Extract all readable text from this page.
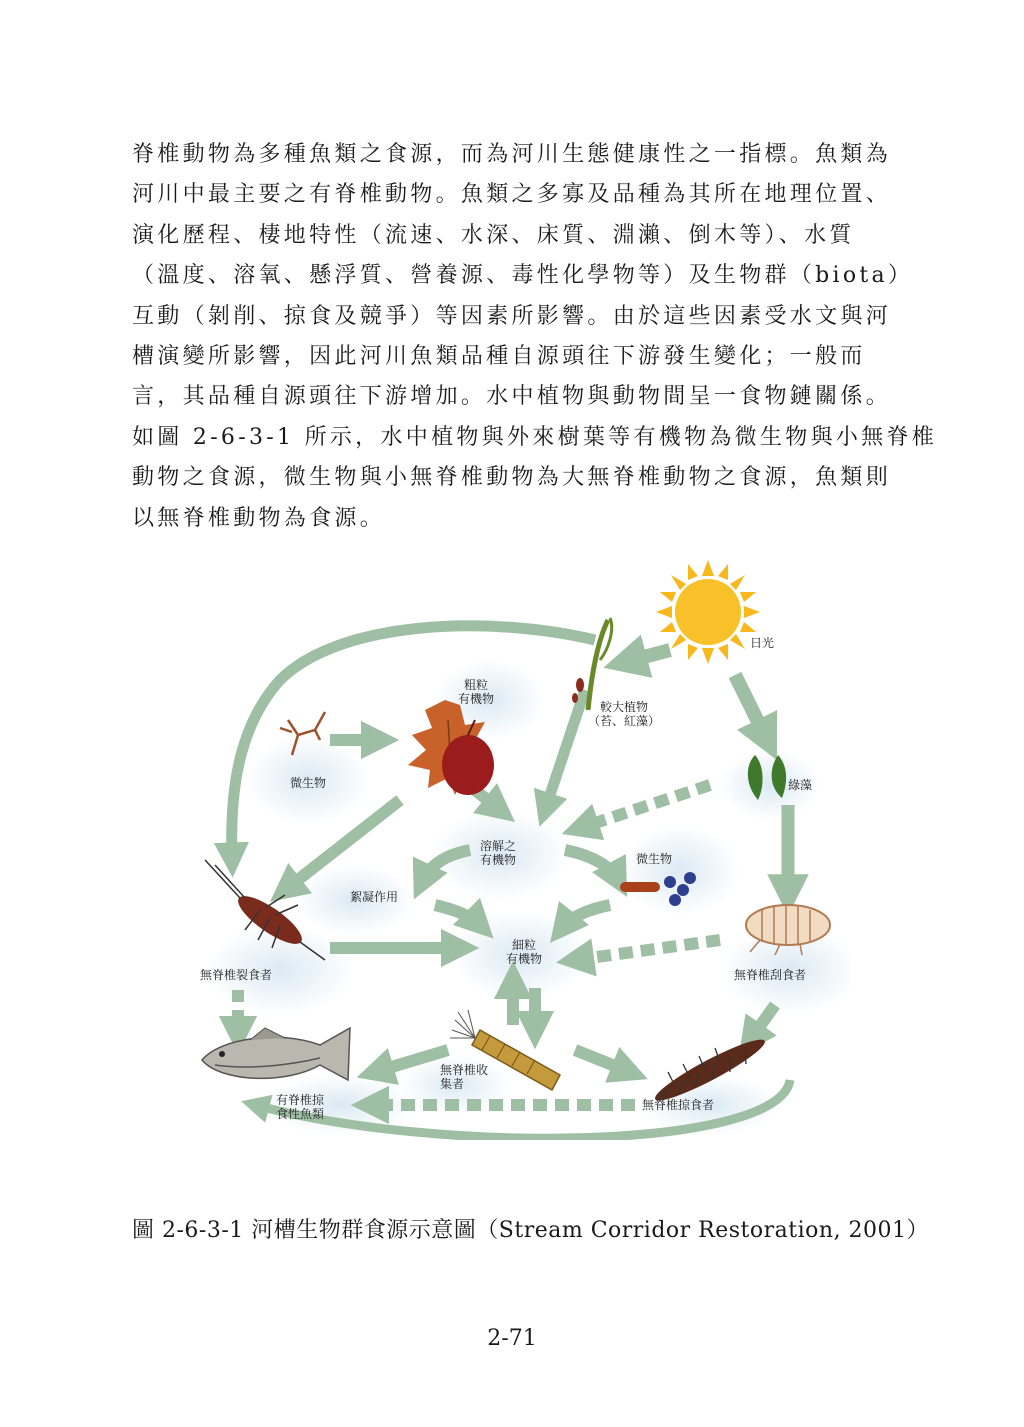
脊椎動物為多種魚類之食源，而為河川生態健康性之一指標。魚類為
河川中最主要之有脊椎動物。魚類之多寡及品種為其所在地理位置、
演化歷程、棲地特性（流速、水深、床質、淵瀨、倒木等）、水質
（溫度、溶氧、懸浮質、營養源、毒性化學物等）及生物群（biota）
互動（剝削、掠食及競爭）等因素所影響。由於這些因素受水文與河
槽演變所影響，因此河川魚類品種自源頭往下游發生變化；一般而
言，其品種自源頭往下游增加。水中植物與動物間呈一食物鏈關係。
如圖 2-6-3-1 所示，水中植物與外來樹葉等有機物為微生物與小無脊椎
動物之食源，微生物與小無脊椎動物為大無脊椎動物之食源，魚類則
以無脊椎動物為食源。
日光
粗粒
有機物
較大植物
（苔、紅藻）
微生物	綠藻
溶解之
有機物	微生物
絮凝作用
細粒
有機物
無脊椎裂食者	無脊椎刮食者
無脊椎收
集者
有脊椎掠
食性魚類
無脊椎掠食者
圖 2-6-3-1 河槽生物群食源示意圖（Stream Corridor Restoration, 2001）
2-71
